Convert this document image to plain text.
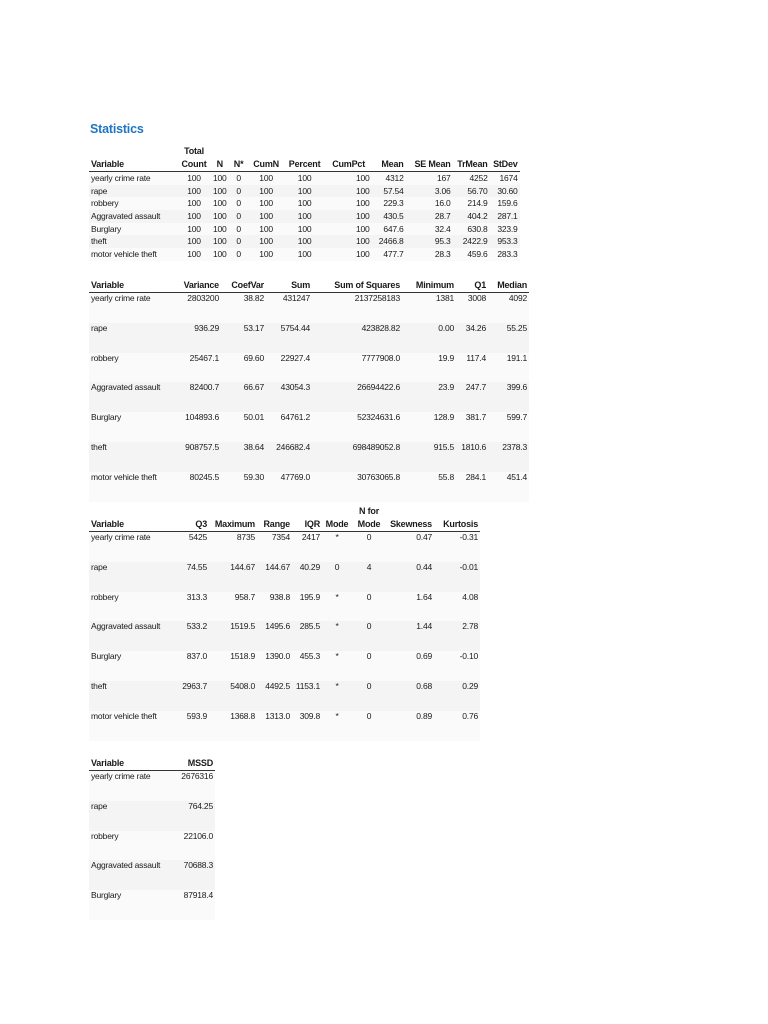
Statistics
	Total									
Variable	Count	N	N*	CumN	Percent	CumPct	Mean	SE Mean	TrMean	StDev
yearly crime rate	100	100	0	100	100	100	4312	167	4252	1674
rape	100	100	0	100	100	100	57.54	3.06	56.70	30.60
robbery	100	100	0	100	100	100	229.3	16.0	214.9	159.6
Aggravated assault	100	100	0	100	100	100	430.5	28.7	404.2	287.1
Burglary	100	100	0	100	100	100	647.6	32.4	630.8	323.9
theft	100	100	0	100	100	100	2466.8	95.3	2422.9	953.3
motor vehicle theft	100	100	0	100	100	100	477.7	28.3	459.6	283.3
Variable	Variance	CoefVar	Sum	Sum of Squares	Minimum	Q1	Median
yearly crime rate	2803200	38.82	431247	2137258183	1381	3008	4092
rape	936.29	53.17	5754.44	423828.82	0.00	34.26	55.25
robbery	25467.1	69.60	22927.4	7777908.0	19.9	117.4	191.1
Aggravated assault	82400.7	66.67	43054.3	26694422.6	23.9	247.7	399.6
Burglary	104893.6	50.01	64761.2	52324631.6	128.9	381.7	599.7
theft	908757.5	38.64	246682.4	698489052.8	915.5	1810.6	2378.3
motor vehicle theft	80245.5	59.30	47769.0	30763065.8	55.8	284.1	451.4
						N for		
Variable	Q3	Maximum	Range	IQR	Mode	Mode	Skewness	Kurtosis
yearly crime rate	5425	8735	7354	2417	*	0	0.47	-0.31
rape	74.55	144.67	144.67	40.29	0	4	0.44	-0.01
robbery	313.3	958.7	938.8	195.9	*	0	1.64	4.08
Aggravated assault	533.2	1519.5	1495.6	285.5	*	0	1.44	2.78
Burglary	837.0	1518.9	1390.0	455.3	*	0	0.69	-0.10
theft	2963.7	5408.0	4492.5	1153.1	*	0	0.68	0.29
motor vehicle theft	593.9	1368.8	1313.0	309.8	*	0	0.89	0.76
Variable	MSSD
yearly crime rate	2676316
rape	764.25
robbery	22106.0
Aggravated assault	70688.3
Burglary	87918.4
